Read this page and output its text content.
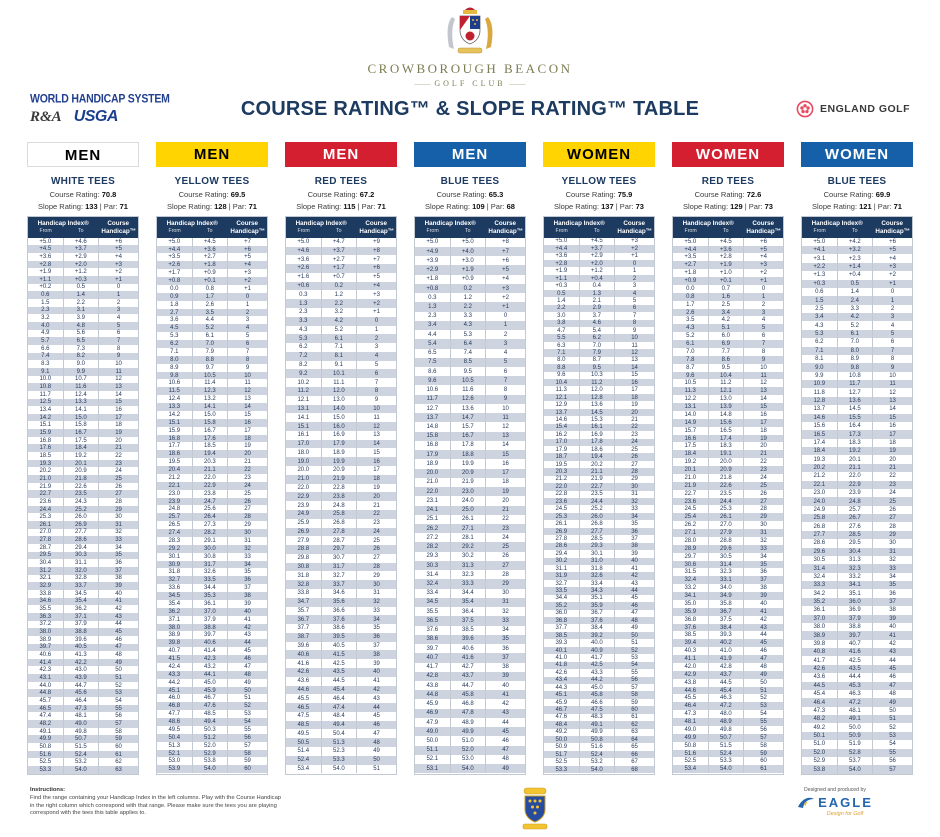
CROWBOROUGH BEACON
——  GOLF CLUB  ——
WORLD HANDICAP SYSTEM
R&A USGA	COURSE RATING™ & SLOPE RATING™ TABLE	ENGLAND GOLF
MEN
WHITE TEES
Course Rating: 70.8
Slope Rating: 133 | Par: 71
Handicap Index®
From	To
Course Handicap™
+5.0	+4.6	+6
+4.5	+3.7	+5
+3.6	+2.9	+4
+2.8	+2.0	+3
+1.9	+1.2	+2
+1.1	+0.3	+1
+0.2	0.5	0
0.6	1.4	1
1.5	2.2	2
2.3	3.1	3
3.2	3.9	4
4.0	4.8	5
4.9	5.6	6
5.7	6.5	7
6.6	7.3	8
7.4	8.2	9
8.3	9.0	10
9.1	9.9	11
10.0	10.7	12
10.8	11.6	13
11.7	12.4	14
12.5	13.3	15
13.4	14.1	16
14.2	15.0	17
15.1	15.8	18
15.9	16.7	19
16.8	17.5	20
17.6	18.4	21
18.5	19.2	22
19.3	20.1	23
20.2	20.9	24
21.0	21.8	25
21.9	22.6	26
22.7	23.5	27
23.6	24.3	28
24.4	25.2	29
25.3	26.0	30
26.1	26.9	31
27.0	27.7	32
27.8	28.6	33
28.7	29.4	34
29.5	30.3	35
30.4	31.1	36
31.2	32.0	37
32.1	32.8	38
32.9	33.7	39
33.8	34.5	40
34.6	35.4	41
35.5	36.2	42
36.3	37.1	43
37.2	37.9	44
38.0	38.8	45
38.9	39.6	46
39.7	40.5	47
40.6	41.3	48
41.4	42.2	49
42.3	43.0	50
43.1	43.9	51
44.0	44.7	52
44.8	45.6	53
45.7	46.4	54
46.5	47.3	55
47.4	48.1	56
48.2	49.0	57
49.1	49.8	58
49.9	50.7	59
50.8	51.5	60
51.6	52.4	61
52.5	53.2	62
53.3	54.0	63
MEN
YELLOW TEES
Course Rating: 69.5
Slope Rating: 128 | Par: 71
Handicap Index®
From	To
Course Handicap™
+5.0	+4.5	+7
+4.4	+3.6	+6
+3.5	+2.7	+5
+2.6	+1.8	+4
+1.7	+0.9	+3
+0.8	+0.1	+2
0.0	0.8	+1
0.9	1.7	0
1.8	2.6	1
2.7	3.5	2
3.6	4.4	3
4.5	5.2	4
5.3	6.1	5
6.2	7.0	6
7.1	7.9	7
8.0	8.8	8
8.9	9.7	9
9.8	10.5	10
10.6	11.4	11
11.5	12.3	12
12.4	13.2	13
13.3	14.1	14
14.2	15.0	15
15.1	15.8	16
15.9	16.7	17
16.8	17.6	18
17.7	18.5	19
18.6	19.4	20
19.5	20.3	21
20.4	21.1	22
21.2	22.0	23
22.1	22.9	24
23.0	23.8	25
23.9	24.7	26
24.8	25.6	27
25.7	26.4	28
26.5	27.3	29
27.4	28.2	30
28.3	29.1	31
29.2	30.0	32
30.1	30.8	33
30.9	31.7	34
31.8	32.6	35
32.7	33.5	36
33.6	34.4	37
34.5	35.3	38
35.4	36.1	39
36.2	37.0	40
37.1	37.9	41
38.0	38.8	42
38.9	39.7	43
39.8	40.6	44
40.7	41.4	45
41.5	42.3	46
42.4	43.2	47
43.3	44.1	48
44.2	45.0	49
45.1	45.9	50
46.0	46.7	51
46.8	47.6	52
47.7	48.5	53
48.6	49.4	54
49.5	50.3	55
50.4	51.2	56
51.3	52.0	57
52.1	52.9	58
53.0	53.8	59
53.9	54.0	60
MEN
RED TEES
Course Rating: 67.2
Slope Rating: 115 | Par: 71
Handicap Index®
From	To
Course Handicap™
+5.0	+4.7	+9
+4.6	+3.7	+8
+3.6	+2.7	+7
+2.6	+1.7	+6
+1.6	+0.7	+5
+0.6	0.2	+4
0.3	1.2	+3
1.3	2.2	+2
2.3	3.2	+1
3.3	4.2	0
4.3	5.2	1
5.3	6.1	2
6.2	7.1	3
7.2	8.1	4
8.2	9.1	5
9.2	10.1	6
10.2	11.1	7
11.2	12.0	8
12.1	13.0	9
13.1	14.0	10
14.1	15.0	11
15.1	16.0	12
16.1	16.9	13
17.0	17.9	14
18.0	18.9	15
19.0	19.9	16
20.0	20.9	17
21.0	21.9	18
22.0	22.8	19
22.9	23.8	20
23.9	24.8	21
24.9	25.8	22
25.9	26.8	23
26.9	27.8	24
27.9	28.7	25
28.8	29.7	26
29.8	30.7	27
30.8	31.7	28
31.8	32.7	29
32.8	33.7	30
33.8	34.6	31
34.7	35.6	32
35.7	36.6	33
36.7	37.6	34
37.7	38.6	35
38.7	39.5	36
39.6	40.5	37
40.6	41.5	38
41.6	42.5	39
42.6	43.5	40
43.6	44.5	41
44.6	45.4	42
45.5	46.4	43
46.5	47.4	44
47.5	48.4	45
48.5	49.4	46
49.5	50.4	47
50.5	51.3	48
51.4	52.3	49
52.4	53.3	50
53.4	54.0	51
MEN
BLUE TEES
Course Rating: 65.3
Slope Rating: 109 | Par: 68
Handicap Index®
From	To
Course Handicap™
+5.0	+5.0	+8
+4.9	+4.0	+7
+3.9	+3.0	+6
+2.9	+1.9	+5
+1.8	+0.9	+4
+0.8	0.2	+3
0.3	1.2	+2
1.3	2.2	+1
2.3	3.3	0
3.4	4.3	1
4.4	5.3	2
5.4	6.4	3
6.5	7.4	4
7.5	8.5	5
8.6	9.5	6
9.6	10.5	7
10.6	11.6	8
11.7	12.6	9
12.7	13.6	10
13.7	14.7	11
14.8	15.7	12
15.8	16.7	13
16.8	17.8	14
17.9	18.8	15
18.9	19.9	16
20.0	20.9	17
21.0	21.9	18
22.0	23.0	19
23.1	24.0	20
24.1	25.0	21
25.1	26.1	22
26.2	27.1	23
27.2	28.1	24
28.2	29.2	25
29.3	30.2	26
30.3	31.3	27
31.4	32.3	28
32.4	33.3	29
33.4	34.4	30
34.5	35.4	31
35.5	36.4	32
36.5	37.5	33
37.6	38.5	34
38.6	39.6	35
39.7	40.6	36
40.7	41.6	37
41.7	42.7	38
42.8	43.7	39
43.8	44.7	40
44.8	45.8	41
45.9	46.8	42
46.9	47.8	43
47.9	48.9	44
49.0	49.9	45
50.0	51.0	46
51.1	52.0	47
52.1	53.0	48
53.1	54.0	49
WOMEN
YELLOW TEES
Course Rating: 75.9
Slope Rating: 137 | Par: 73
Handicap Index®
From	To
Course Handicap™
+5.0	+4.5	+3
+4.4	+3.7	+2
+3.6	+2.9	+1
+2.8	+2.0	0
+1.9	+1.2	1
+1.1	+0.4	2
+0.3	0.4	3
0.5	1.3	4
1.4	2.1	5
2.2	2.9	6
3.0	3.7	7
3.8	4.6	8
4.7	5.4	9
5.5	6.2	10
6.3	7.0	11
7.1	7.9	12
8.0	8.7	13
8.8	9.5	14
9.6	10.3	15
10.4	11.2	16
11.3	12.0	17
12.1	12.8	18
12.9	13.6	19
13.7	14.5	20
14.6	15.3	21
15.4	16.1	22
16.2	16.9	23
17.0	17.8	24
17.9	18.6	25
18.7	19.4	26
19.5	20.2	27
20.3	21.1	28
21.2	21.9	29
22.0	22.7	30
22.8	23.5	31
23.6	24.4	32
24.5	25.2	33
25.3	26.0	34
26.1	26.8	35
26.9	27.7	36
27.8	28.5	37
28.6	29.3	38
29.4	30.1	39
30.2	31.0	40
31.1	31.8	41
31.9	32.6	42
32.7	33.4	43
33.5	34.3	44
34.4	35.1	45
35.2	35.9	46
36.0	36.7	47
36.8	37.6	48
37.7	38.4	49
38.5	39.2	50
39.3	40.0	51
40.1	40.9	52
41.0	41.7	53
41.8	42.5	54
42.6	43.3	55
43.4	44.2	56
44.3	45.0	57
45.1	45.8	58
45.9	46.6	59
46.7	47.5	60
47.6	48.3	61
48.4	49.1	62
49.2	49.9	63
50.0	50.8	64
50.9	51.6	65
51.7	52.4	66
52.5	53.2	67
53.3	54.0	68
WOMEN
RED TEES
Course Rating: 72.6
Slope Rating: 129 | Par: 73
Handicap Index®
From	To
Course Handicap™
+5.0	+4.5	+6
+4.4	+3.6	+5
+3.5	+2.8	+4
+2.7	+1.9	+3
+1.8	+1.0	+2
+0.9	+0.1	+1
0.0	0.7	0
0.8	1.6	1
1.7	2.5	2
2.6	3.4	3
3.5	4.2	4
4.3	5.1	5
5.2	6.0	6
6.1	6.9	7
7.0	7.7	8
7.8	8.6	9
8.7	9.5	10
9.6	10.4	11
10.5	11.2	12
11.3	12.1	13
12.2	13.0	14
13.1	13.9	15
14.0	14.8	16
14.9	15.6	17
15.7	16.5	18
16.6	17.4	19
17.5	18.3	20
18.4	19.1	21
19.2	20.0	22
20.1	20.9	23
21.0	21.8	24
21.9	22.6	25
22.7	23.5	26
23.6	24.4	27
24.5	25.3	28
25.4	26.1	29
26.2	27.0	30
27.1	27.9	31
28.0	28.8	32
28.9	29.6	33
29.7	30.5	34
30.6	31.4	35
31.5	32.3	36
32.4	33.1	37
33.2	34.0	38
34.1	34.9	39
35.0	35.8	40
35.9	36.7	41
36.8	37.5	42
37.6	38.4	43
38.5	39.3	44
39.4	40.2	45
40.3	41.0	46
41.1	41.9	47
42.0	42.8	48
42.9	43.7	49
43.8	44.5	50
44.6	45.4	51
45.5	46.3	52
46.4	47.2	53
47.3	48.0	54
48.1	48.9	55
49.0	49.8	56
49.9	50.7	57
50.8	51.5	58
51.6	52.4	59
52.5	53.3	60
53.4	54.0	61
WOMEN
BLUE TEES
Course Rating: 69.9
Slope Rating: 121 | Par: 71
Handicap Index®
From	To
Course Handicap™
+5.0	+4.2	+6
+4.1	+3.2	+5
+3.1	+2.3	+4
+2.2	+1.4	+3
+1.3	+0.4	+2
+0.3	0.5	+1
0.6	1.4	0
1.5	2.4	1
2.5	3.3	2
3.4	4.2	3
4.3	5.2	4
5.3	6.1	5
6.2	7.0	6
7.1	8.0	7
8.1	8.9	8
9.0	9.8	9
9.9	10.8	10
10.9	11.7	11
11.8	12.7	12
12.8	13.6	13
13.7	14.5	14
14.6	15.5	15
15.6	16.4	16
16.5	17.3	17
17.4	18.3	18
18.4	19.2	19
19.3	20.1	20
20.2	21.1	21
21.2	22.0	22
22.1	22.9	23
23.0	23.9	24
24.0	24.8	25
24.9	25.7	26
25.8	26.7	27
26.8	27.6	28
27.7	28.5	29
28.6	29.5	30
29.6	30.4	31
30.5	31.3	32
31.4	32.3	33
32.4	33.2	34
33.3	34.1	35
34.2	35.1	36
35.2	36.0	37
36.1	36.9	38
37.0	37.9	39
38.0	38.8	40
38.9	39.7	41
39.8	40.7	42
40.8	41.6	43
41.7	42.5	44
42.6	43.5	45
43.6	44.4	46
44.5	45.3	47
45.4	46.3	48
46.4	47.2	49
47.3	48.1	50
48.2	49.1	51
49.2	50.0	52
50.1	50.9	53
51.0	51.9	54
52.0	52.8	55
52.9	53.7	56
53.8	54.0	57
Instructions:
Find the range containing your Handicap Index in the left columns. Play with the Course Handicap in the right column which correspond with that range. Please make sure the tees you are playing correspond with the tees this table applies to.
Designed and produced by
EAGLE
Design for Golf
